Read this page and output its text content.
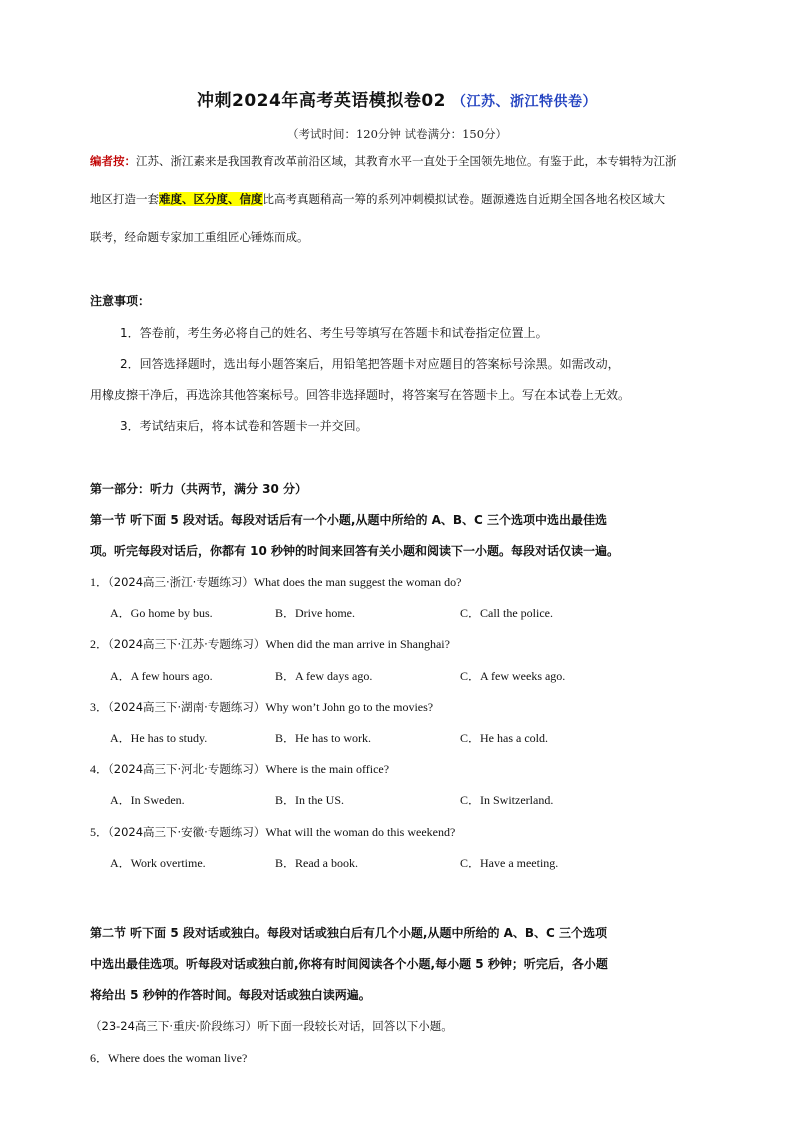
冲刺2024年高考英语模拟卷02 （江苏、浙江特供卷）
（考试时间：120分钟 试卷满分：150分）
编者按：江苏、浙江素来是我国教育改革前沿区域，其教育水平一直处于全国领先地位。有鉴于此，本专辑特为江浙
地区打造一套难度、区分度、信度比高考真题稍高一筹的系列冲刺模拟试卷。题源遴选自近期全国各地名校区域大
联考，经命题专家加工重组匠心锤炼而成。
注意事项：
1．答卷前，考生务必将自己的姓名、考生号等填写在答题卡和试卷指定位置上。
2．回答选择题时，选出每小题答案后，用铅笔把答题卡对应题目的答案标号涂黑。如需改动，
用橡皮擦干净后，再选涂其他答案标号。回答非选择题时，将答案写在答题卡上。写在本试卷上无效。
3．考试结束后，将本试卷和答题卡一并交回。
第一部分：听力（共两节，满分 30 分）
第一节 听下面 5 段对话。每段对话后有一个小题,从题中所给的 A、B、C 三个选项中选出最佳选
项。听完每段对话后，你都有 10 秒钟的时间来回答有关小题和阅读下一小题。每段对话仅读一遍。
1．（2024高三·浙江·专题练习）What does the man suggest the woman do?
A．Go home by bus.	B．Drive home.	C．Call the police.
2．（2024高三下·江苏·专题练习）When did the man arrive in Shanghai?
A．A few hours ago.	B．A few days ago.	C．A few weeks ago.
3．（2024高三下·湖南·专题练习）Why won’t John go to the movies?
A．He has to study.	B．He has to work.	C．He has a cold.
4．（2024高三下·河北·专题练习）Where is the main office?
A．In Sweden.	B．In the US.	C．In Switzerland.
5．（2024高三下·安徽·专题练习）What will the woman do this weekend?
A．Work overtime.	B．Read a book.	C．Have a meeting.
第二节 听下面 5 段对话或独白。每段对话或独白后有几个小题,从题中所给的 A、B、C 三个选项
中选出最佳选项。听每段对话或独白前,你将有时间阅读各个小题,每小题 5 秒钟；听完后，各小题
将给出 5 秒钟的作答时间。每段对话或独白读两遍。
（23-24高三下·重庆·阶段练习）听下面一段较长对话，回答以下小题。
6．Where does the woman live?
